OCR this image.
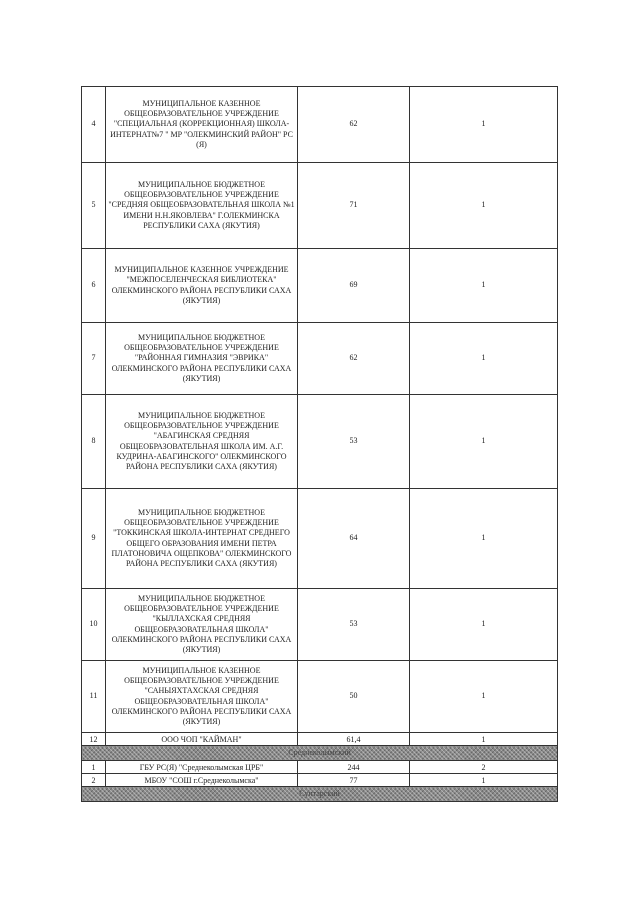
4	МУНИЦИПАЛЬНОЕ КАЗЕННОЕ ОБЩЕОБРАЗОВАТЕЛЬНОЕ УЧРЕЖДЕНИЕ "СПЕЦИАЛЬНАЯ (КОРРЕКЦИОННАЯ) ШКОЛА-ИНТЕРНАТ№7 " МР "ОЛЕКМИНСКИЙ РАЙОН" РС (Я)	62	1
5	МУНИЦИПАЛЬНОЕ БЮДЖЕТНОЕ ОБЩЕОБРАЗОВАТЕЛЬНОЕ УЧРЕЖДЕНИЕ "СРЕДНЯЯ ОБЩЕОБРАЗОВАТЕЛЬНАЯ ШКОЛА №1 ИМЕНИ Н.Н.ЯКОВЛЕВА" Г.ОЛЕКМИНСКА РЕСПУБЛИКИ САХА (ЯКУТИЯ)	71	1
6	МУНИЦИПАЛЬНОЕ КАЗЕННОЕ УЧРЕЖДЕНИЕ "МЕЖПОСЕЛЕНЧЕСКАЯ БИБЛИОТЕКА" ОЛЕКМИНСКОГО РАЙОНА РЕСПУБЛИКИ САХА (ЯКУТИЯ)	69	1
7	МУНИЦИПАЛЬНОЕ БЮДЖЕТНОЕ ОБЩЕОБРАЗОВАТЕЛЬНОЕ УЧРЕЖДЕНИЕ "РАЙОННАЯ ГИМНАЗИЯ "ЭВРИКА" ОЛЕКМИНСКОГО РАЙОНА РЕСПУБЛИКИ САХА (ЯКУТИЯ)	62	1
8	МУНИЦИПАЛЬНОЕ БЮДЖЕТНОЕ ОБЩЕОБРАЗОВАТЕЛЬНОЕ УЧРЕЖДЕНИЕ "АБАГИНСКАЯ СРЕДНЯЯ ОБЩЕОБРАЗОВАТЕЛЬНАЯ ШКОЛА ИМ. А.Г. КУДРИНА-АБАГИНСКОГО" ОЛЕКМИНСКОГО РАЙОНА РЕСПУБЛИКИ САХА (ЯКУТИЯ)	53	1
9	МУНИЦИПАЛЬНОЕ БЮДЖЕТНОЕ ОБЩЕОБРАЗОВАТЕЛЬНОЕ УЧРЕЖДЕНИЕ "ТОККИНСКАЯ ШКОЛА-ИНТЕРНАТ СРЕДНЕГО ОБЩЕГО ОБРАЗОВАНИЯ ИМЕНИ ПЕТРА ПЛАТОНОВИЧА ОЩЕПКОВА" ОЛЕКМИНСКОГО РАЙОНА РЕСПУБЛИКИ САХА (ЯКУТИЯ)	64	1
10	МУНИЦИПАЛЬНОЕ БЮДЖЕТНОЕ ОБЩЕОБРАЗОВАТЕЛЬНОЕ УЧРЕЖДЕНИЕ "КЫЛЛАХСКАЯ СРЕДНЯЯ ОБЩЕОБРАЗОВАТЕЛЬНАЯ ШКОЛА" ОЛЕКМИНСКОГО РАЙОНА РЕСПУБЛИКИ САХА (ЯКУТИЯ)	53	1
11	МУНИЦИПАЛЬНОЕ КАЗЕННОЕ ОБЩЕОБРАЗОВАТЕЛЬНОЕ УЧРЕЖДЕНИЕ "САНЫЯХТАХСКАЯ СРЕДНЯЯ ОБЩЕОБРАЗОВАТЕЛЬНАЯ ШКОЛА" ОЛЕКМИНСКОГО РАЙОНА РЕСПУБЛИКИ САХА (ЯКУТИЯ)	50	1
12	ООО ЧОП "КАЙМАН"	61,4	1
Среднеколымский			
1	ГБУ РС(Я) "Среднеколымская ЦРБ"	244	2
2	МБОУ "СОШ г.Среднеколымска"	77	1
Сунтарский			
